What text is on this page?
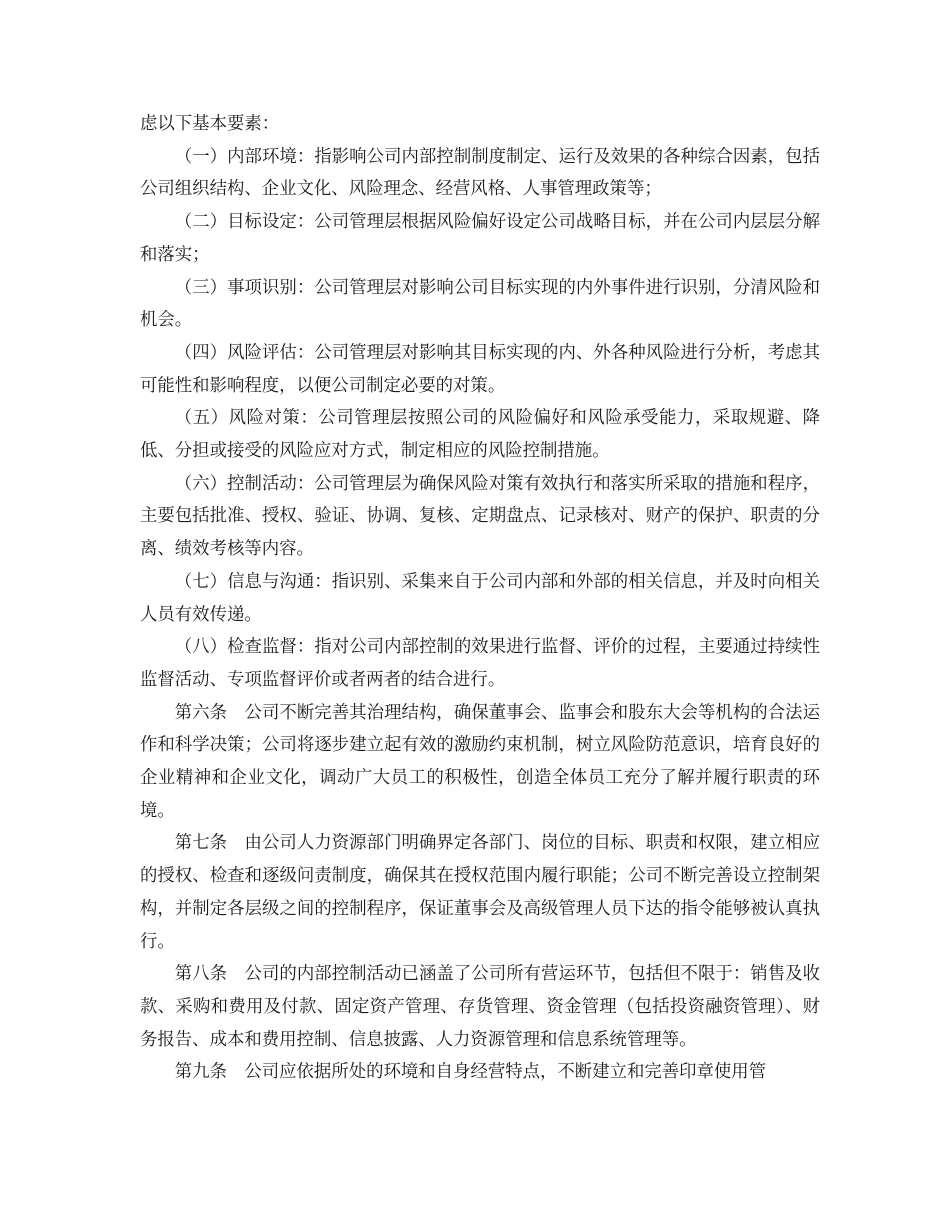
虑以下基本要素：

（一）内部环境：指影响公司内部控制制度制定、运行及效果的各种综合因素，包括公司组织结构、企业文化、风险理念、经营风格、人事管理政策等；

（二）目标设定：公司管理层根据风险偏好设定公司战略目标，并在公司内层层分解和落实；

（三）事项识别：公司管理层对影响公司目标实现的内外事件进行识别，分清风险和机会。

（四）风险评估：公司管理层对影响其目标实现的内、外各种风险进行分析，考虑其可能性和影响程度，以便公司制定必要的对策。

（五）风险对策：公司管理层按照公司的风险偏好和风险承受能力，采取规避、降低、分担或接受的风险应对方式，制定相应的风险控制措施。

（六）控制活动：公司管理层为确保风险对策有效执行和落实所采取的措施和程序，主要包括批准、授权、验证、协调、复核、定期盘点、记录核对、财产的保护、职责的分离、绩效考核等内容。

（七）信息与沟通：指识别、采集来自于公司内部和外部的相关信息，并及时向相关人员有效传递。

（八）检查监督：指对公司内部控制的效果进行监督、评价的过程，主要通过持续性监督活动、专项监督评价或者两者的结合进行。

第六条　公司不断完善其治理结构，确保董事会、监事会和股东大会等机构的合法运作和科学决策；公司将逐步建立起有效的激励约束机制，树立风险防范意识，培育良好的企业精神和企业文化，调动广大员工的积极性，创造全体员工充分了解并履行职责的环境。

第七条　由公司人力资源部门明确界定各部门、岗位的目标、职责和权限，建立相应的授权、检查和逐级问责制度，确保其在授权范围内履行职能；公司不断完善设立控制架构，并制定各层级之间的控制程序，保证董事会及高级管理人员下达的指令能够被认真执行。

第八条　公司的内部控制活动已涵盖了公司所有营运环节，包括但不限于：销售及收款、采购和费用及付款、固定资产管理、存货管理、资金管理（包括投资融资管理）、财务报告、成本和费用控制、信息披露、人力资源管理和信息系统管理等。

第九条　公司应依据所处的环境和自身经营特点，不断建立和完善印章使用管
